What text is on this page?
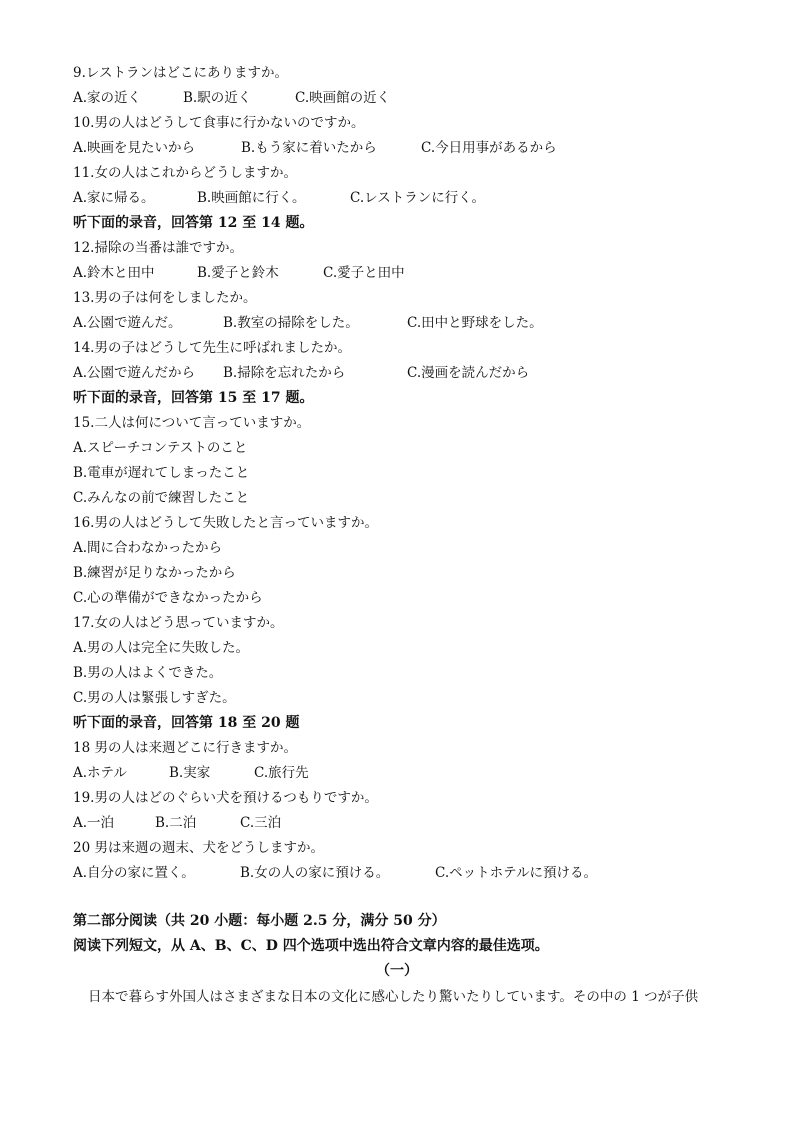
9.レストランはどこにありますか。
A.家の近く	B.駅の近く	C.映画館の近く
10.男の人はどうして食事に行かないのですか。
A.映画を見たいから	B.もう家に着いたから	C.今日用事があるから
11.女の人はこれからどうしますか。
A.家に帰る。	B.映画館に行く。	C.レストランに行く。
听下面的录音，回答第 12 至 14 题。
12.掃除の当番は誰ですか。
A.鈴木と田中	B.愛子と鈴木	C.愛子と田中
13.男の子は何をしましたか。
A.公園で遊んだ。	B.教室の掃除をした。	C.田中と野球をした。
14.男の子はどうして先生に呼ばれましたか。
A.公園で遊んだから B.掃除を忘れたから	C.漫画を読んだから
听下面的录音，回答第 15 至 17 题。
15.二人は何について言っていますか。
A.スピーチコンテストのこと
B.電車が遅れてしまったこと
C.みんなの前で練習したこと
16.男の人はどうして失敗したと言っていますか。
A.間に合わなかったから
B.練習が足りなかったから
C.心の準備ができなかったから
17.女の人はどう思っていますか。
A.男の人は完全に失敗した。
B.男の人はよくできた。
C.男の人は緊張しすぎた。
听下面的录音，回答第 18 至 20 题
18 男の人は来週どこに行きますか。
A.ホテル	B.実家	C.旅行先
19.男の人はどのぐらい犬を預けるつもりですか。
A.一泊	B.二泊	C.三泊
20 男は来週の週末、犬をどうしますか。
A.自分の家に置く。	B.女の人の家に預ける。	C.ペットホテルに預ける。
第二部分阅读（共 20 小题：每小题 2.5 分，满分 50 分）
阅读下列短文，从 A、B、C、D 四个选项中选出符合文章内容的最佳选项。
（一）
日本で暮らす外国人はさまざまな日本の文化に感心したり驚いたりしています。その中の 1 つが子供
